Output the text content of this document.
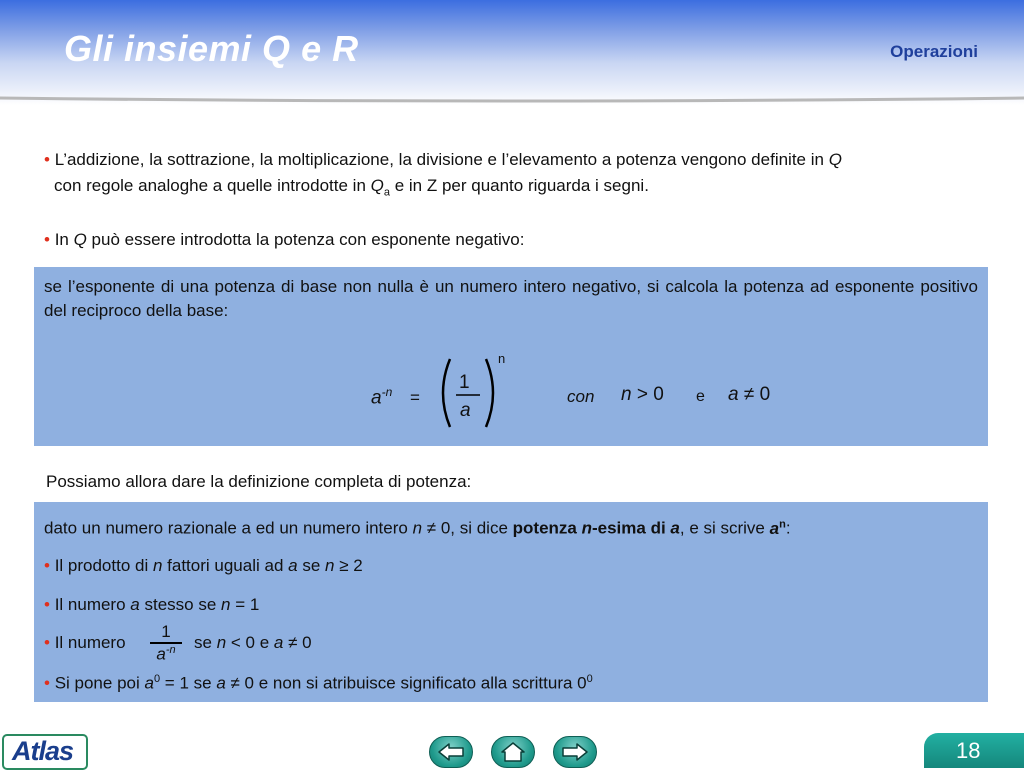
Gli insiemi Q e R	Operazioni
• L’addizione, la sottrazione, la moltiplicazione, la divisione e l’elevamento a potenza vengono definite in Q
con regole analoghe a quelle introdotte in $Q_a$ e in Z per quanto riguarda i segni.
• In Q può essere introdotta la potenza con esponente negativo:
se l’esponente di una potenza di base non nulla è un numero intero negativo, si calcola la potenza ad esponente positivo del reciproco della base:
$a^{-n}$ =
1
a
n
con n > 0 e a ≠ 0
Possiamo allora dare la definizione completa di potenza:
dato un numero razionale a ed un numero intero n ≠ 0, si dice potenza n-esima di a, e si scrive $a^n$:
• Il prodotto di n fattori uguali ad a se n ≥ 2
• Il numero a stesso se n = 1
• Il numero
1
$a^{-n}$	se n < 0 e a ≠ 0
• Si pone poi $a^0 = 1$ se a ≠ 0 e non si atribuisce significato alla scrittura $0^0$
Atlas	18
